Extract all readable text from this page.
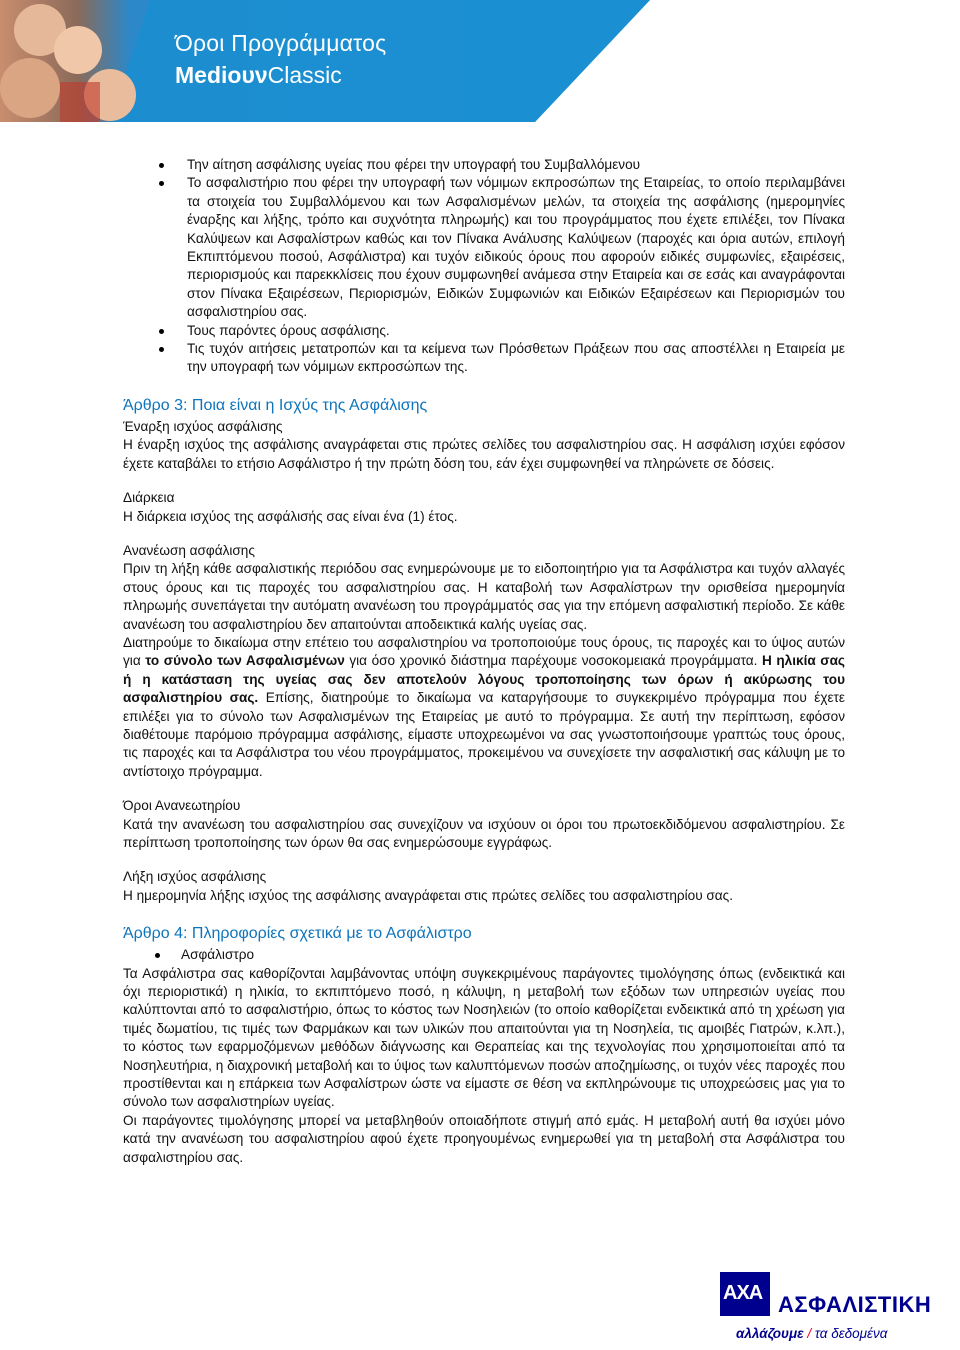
Όροι Προγράμματος
MediουνClassic
Την αίτηση ασφάλισης υγείας που φέρει την υπογραφή του Συμβαλλόμενου
Το ασφαλιστήριο που φέρει την υπογραφή των νόμιμων εκπροσώπων της Εταιρείας, το οποίο περιλαμβάνει τα στοιχεία του Συμβαλλόμενου και των Ασφαλισμένων μελών, τα στοιχεία της ασφάλισης (ημερομηνίες έναρξης και λήξης, τρόπο και συχνότητα πληρωμής) και του προγράμματος που έχετε επιλέξει, τον Πίνακα Καλύψεων και Ασφαλίστρων καθώς και τον Πίνακα Ανάλυσης Καλύψεων (παροχές και όρια αυτών, επιλογή Εκπιπτόμενου ποσού, Ασφάλιστρα) και τυχόν ειδικούς όρους που αφορούν ειδικές συμφωνίες, εξαιρέσεις, περιορισμούς και παρεκκλίσεις που έχουν συμφωνηθεί ανάμεσα στην Εταιρεία και σε εσάς και αναγράφονται στον Πίνακα Εξαιρέσεων, Περιορισμών, Ειδικών Συμφωνιών και Ειδικών Εξαιρέσεων και Περιορισμών του ασφαλιστηρίου σας.
Τους παρόντες όρους ασφάλισης.
Τις τυχόν αιτήσεις μετατροπών και τα κείμενα των Πρόσθετων Πράξεων που σας αποστέλλει η Εταιρεία με την υπογραφή των νόμιμων εκπροσώπων της.
Άρθρο 3: Ποια είναι η Ισχύς της Ασφάλισης

Έναρξη ισχύος ασφάλισης

Η έναρξη ισχύος της ασφάλισης αναγράφεται στις πρώτες σελίδες του ασφαλιστηρίου σας. Η ασφάλιση ισχύει εφόσον έχετε καταβάλει το ετήσιο Ασφάλιστρο ή την πρώτη δόση του, εάν έχει συμφωνηθεί να πληρώνετε σε δόσεις.

Διάρκεια

Η διάρκεια ισχύος της ασφάλισής σας είναι ένα (1) έτος.

Ανανέωση ασφάλισης

Πριν τη λήξη κάθε ασφαλιστικής περιόδου σας ενημερώνουμε με το ειδοποιητήριο για τα Ασφάλιστρα και τυχόν αλλαγές στους όρους και τις παροχές του ασφαλιστηρίου σας. Η καταβολή των Ασφαλίστρων την ορισθείσα ημερομηνία πληρωμής συνεπάγεται την αυτόματη ανανέωση του προγράμματός σας για την επόμενη ασφαλιστική περίοδο. Σε κάθε ανανέωση του ασφαλιστηρίου δεν απαιτούνται αποδεικτικά καλής υγείας σας.

Διατηρούμε το δικαίωμα στην επέτειο του ασφαλιστηρίου να τροποποιούμε τους όρους, τις παροχές και το ύψος αυτών για το σύνολο των Ασφαλισμένων για όσο χρονικό διάστημα παρέχουμε νοσοκομειακά προγράμματα. Η ηλικία σας ή η κατάσταση της υγείας σας δεν αποτελούν λόγους τροποποίησης των όρων ή ακύρωσης του ασφαλιστηρίου σας. Επίσης, διατηρούμε το δικαίωμα να καταργήσουμε το συγκεκριμένο πρόγραμμα που έχετε επιλέξει για το σύνολο των Ασφαλισμένων της Εταιρείας με αυτό το πρόγραμμα. Σε αυτή την περίπτωση, εφόσον διαθέτουμε παρόμοιο πρόγραμμα ασφάλισης, είμαστε υποχρεωμένοι να σας γνωστοποιήσουμε γραπτώς τους όρους, τις παροχές και τα Ασφάλιστρα του νέου προγράμματος, προκειμένου να συνεχίσετε την ασφαλιστική σας κάλυψη με το αντίστοιχο πρόγραμμα.

Όροι Ανανεωτηρίου

Κατά την ανανέωση του ασφαλιστηρίου σας συνεχίζουν να ισχύουν οι όροι του πρωτοεκδιδόμενου ασφαλιστηρίου. Σε περίπτωση τροποποίησης των όρων θα σας ενημερώσουμε εγγράφως.

Λήξη ισχύος ασφάλισης

Η ημερομηνία λήξης ισχύος της ασφάλισης αναγράφεται στις πρώτες σελίδες του ασφαλιστηρίου σας.

Άρθρο 4: Πληροφορίες σχετικά με το Ασφάλιστρο
Ασφάλιστρο

Τα Ασφάλιστρα σας καθορίζονται λαμβάνοντας υπόψη συγκεκριμένους παράγοντες τιμολόγησης όπως (ενδεικτικά και όχι περιοριστικά) η ηλικία, το εκπιπτόμενο ποσό, η κάλυψη, η μεταβολή των εξόδων των υπηρεσιών υγείας που καλύπτονται από το ασφαλιστήριο, όπως το κόστος των Νοσηλειών (το οποίο καθορίζεται ενδεικτικά από τη χρέωση για τιμές δωματίου, τις τιμές των Φαρμάκων και των υλικών που απαιτούνται για τη Νοσηλεία, τις αμοιβές Γιατρών, κ.λπ.), το κόστος των εφαρμοζόμενων μεθόδων διάγνωσης και Θεραπείας και της τεχνολογίας που χρησιμοποιείται από τα Νοσηλευτήρια, η διαχρονική μεταβολή και το ύψος των καλυπτόμενων ποσών αποζημίωσης, οι τυχόν νέες παροχές που προστίθενται και η επάρκεια των Ασφαλίστρων ώστε να είμαστε σε θέση να εκπληρώνουμε τις υποχρεώσεις μας για το σύνολο των ασφαλιστηρίων υγείας.

Οι παράγοντες τιμολόγησης μπορεί να μεταβληθούν οποιαδήποτε στιγμή από εμάς. Η μεταβολή αυτή θα ισχύει μόνο κατά την ανανέωση του ασφαλιστηρίου αφού έχετε προηγουμένως ενημερωθεί για τη μεταβολή στα Ασφάλιστρα του ασφαλιστηρίου σας.

AXA ΑΣΦΑΛΙΣΤΙΚΗ
αλλάζουμε / τα δεδομένα
